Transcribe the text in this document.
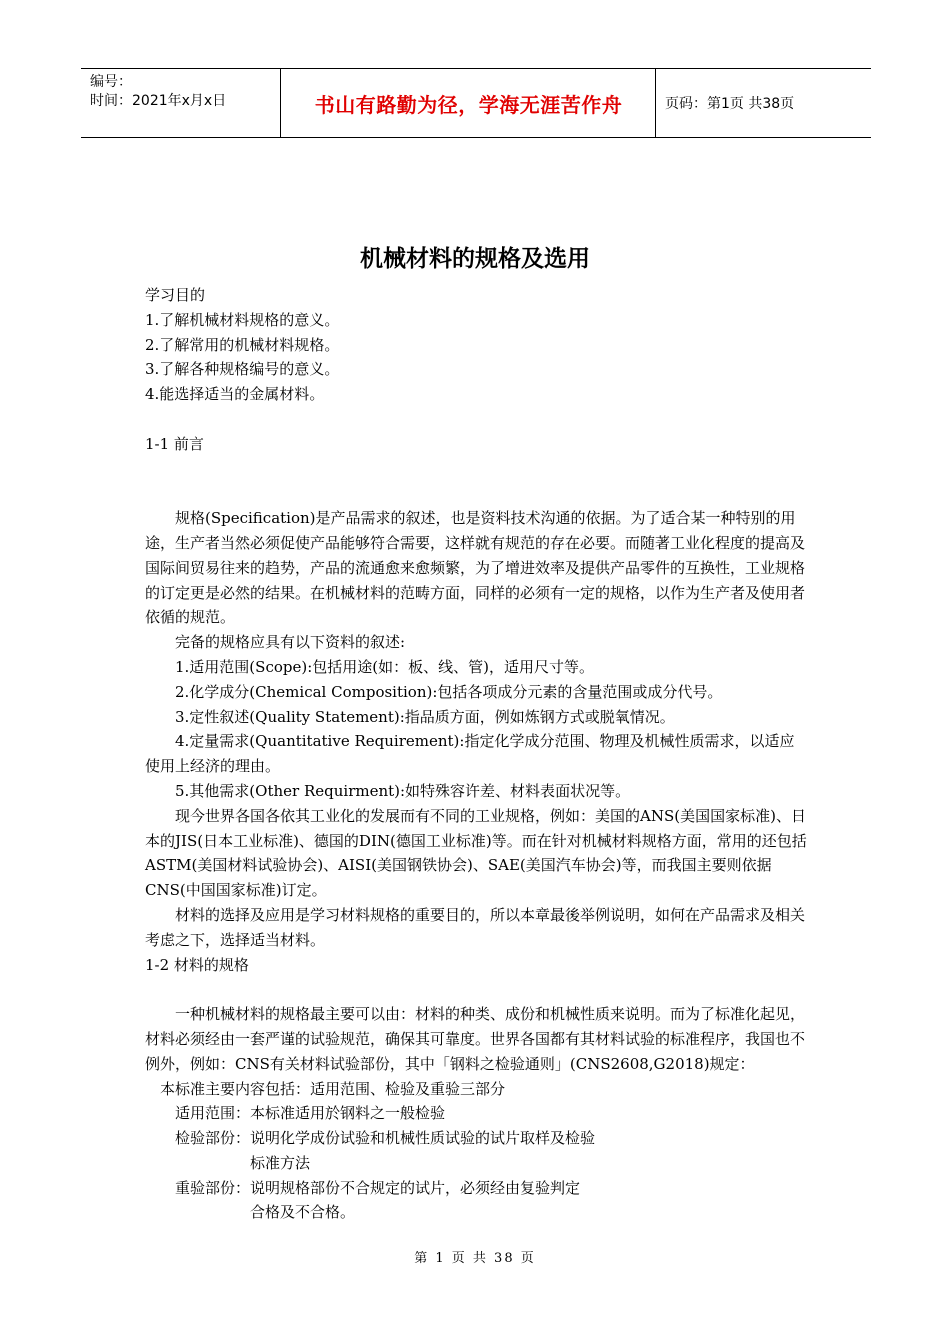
编号：
时间：2021年x月x日	书山有路勤为径，学海无涯苦作舟	页码：第1页 共38页
机械材料的规格及选用

学习目的

1.了解机械材料规格的意义。

2.了解常用的机械材料规格。

3.了解各种规格编号的意义。

4.能选择适当的金属材料。

1-1 前言

规格(Specification)是产品需求的叙述，也是资料技术沟通的依据。为了适合某一种特别的用途，生产者当然必须促使产品能够符合需要，这样就有规范的存在必要。而随著工业化程度的提高及国际间贸易往来的趋势，产品的流通愈来愈频繁，为了增进效率及提供产品零件的互换性，工业规格的订定更是必然的结果。在机械材料的范畴方面，同样的必须有一定的规格，以作为生产者及使用者依循的规范。

完备的规格应具有以下资料的叙述:

1.适用范围(Scope):包括用途(如：板、线、管)，适用尺寸等。

2.化学成分(Chemical Composition):包括各项成分元素的含量范围或成分代号。

3.定性叙述(Quality Statement):指品质方面，例如炼钢方式或脱氧情况。

4.定量需求(Quantitative Requirement):指定化学成分范围、物理及机械性质需求，以适应使用上经济的理由。

5.其他需求(Other Requirment):如特殊容许差、材料表面状况等。

现今世界各国各依其工业化的发展而有不同的工业规格，例如：美国的ANS(美国国家标准)、日本的JIS(日本工业标准)、德国的DIN(德国工业标准)等。而在针对机械材料规格方面，常用的还包括ASTM(美国材料试验协会)、AISI(美国钢铁协会)、SAE(美国汽车协会)等，而我国主要则依据CNS(中国国家标准)订定。

材料的选择及应用是学习材料规格的重要目的，所以本章最後举例说明，如何在产品需求及相关考虑之下，选择适当材料。

1-2 材料的规格

一种机械材料的规格最主要可以由：材料的种类、成份和机械性质来说明。而为了标准化起见，材料必须经由一套严谨的试验规范，确保其可靠度。世界各国都有其材料试验的标准程序，我国也不例外，例如：CNS有关材料试验部份，其中「钢料之检验通则」(CNS2608,G2018)规定：

本标准主要内容包括：适用范围、检验及重验三部分

适用范围：本标准适用於钢料之一般检验

检验部份：说明化学成份试验和机械性质试验的试片取样及检验

标准方法

重验部份：说明规格部份不合规定的试片，必须经由复验判定

合格及不合格。

第 1 页 共 38 页
